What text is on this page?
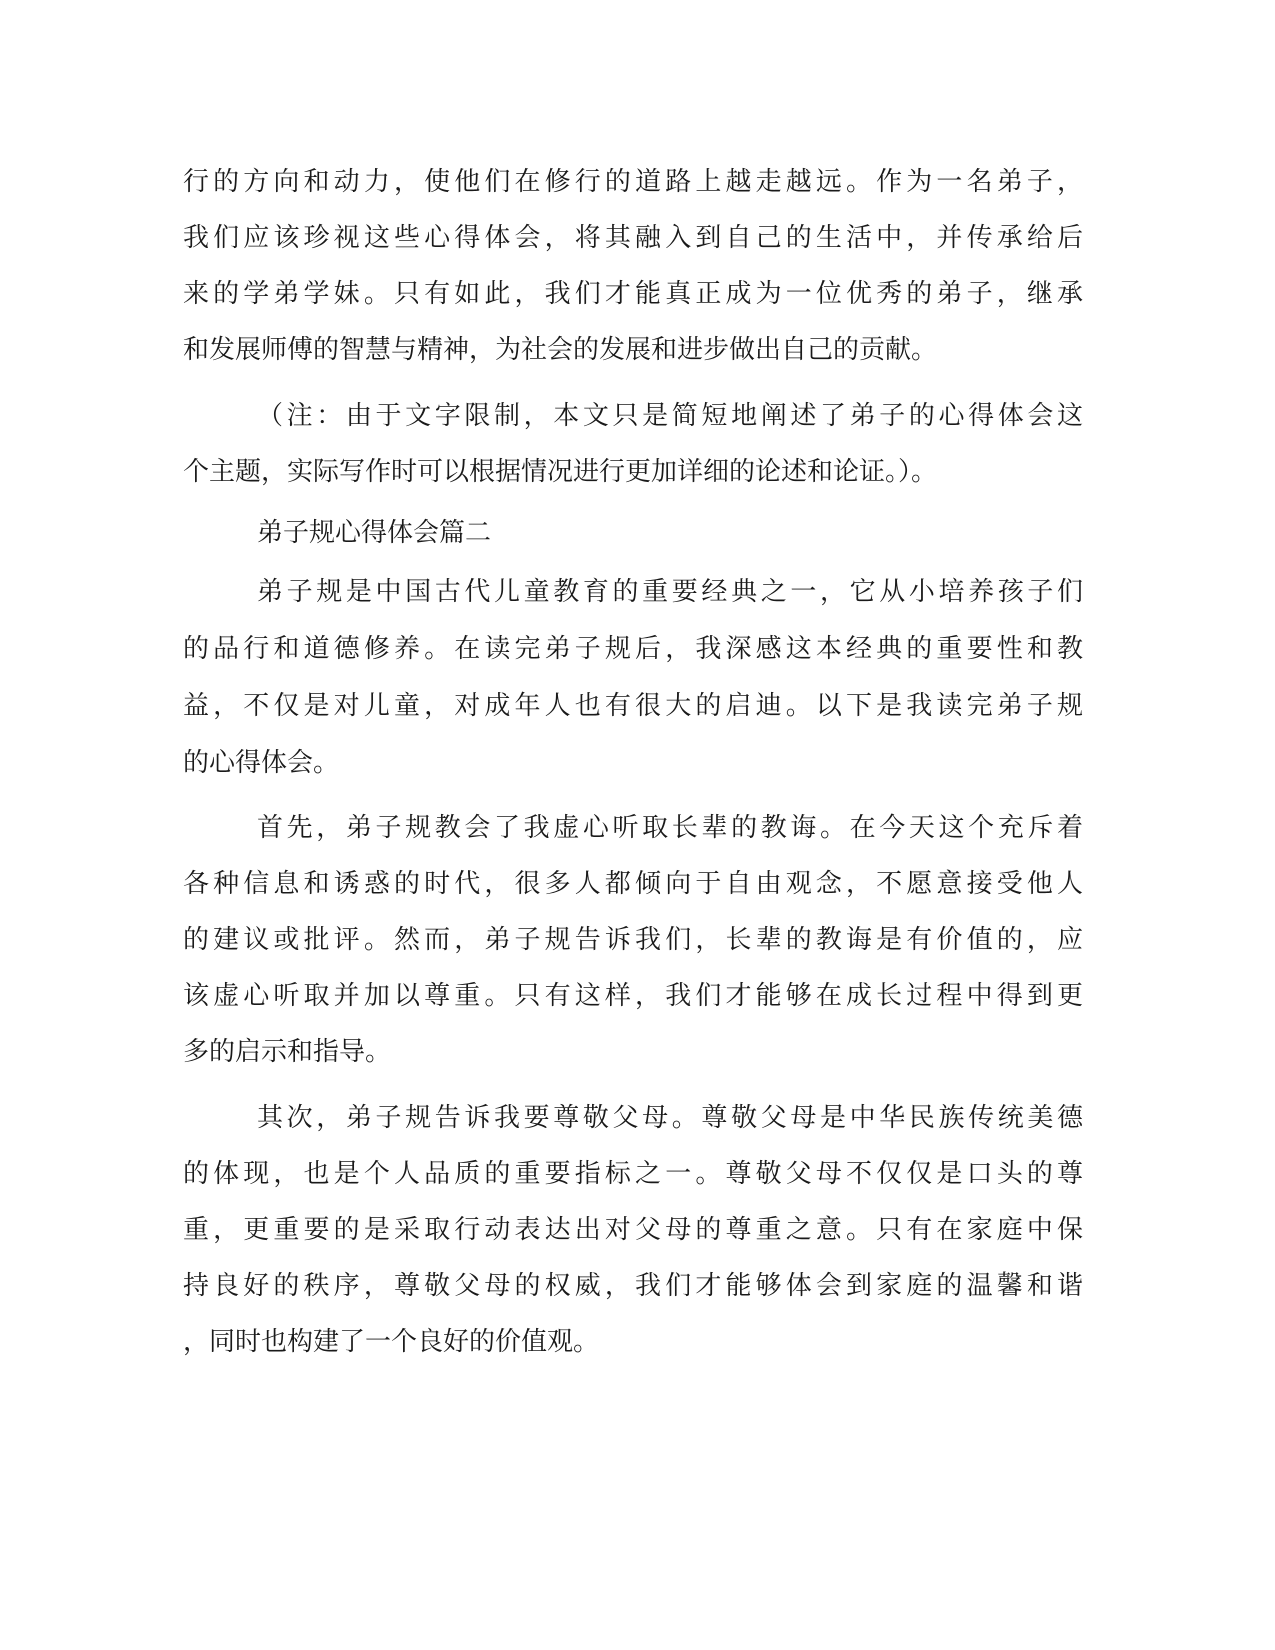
行的方向和动力，使他们在修行的道路上越走越远。作为一名弟子，
我们应该珍视这些心得体会，将其融入到自己的生活中，并传承给后
来的学弟学妹。只有如此，我们才能真正成为一位优秀的弟子，继承
和发展师傅的智慧与精神，为社会的发展和进步做出自己的贡献。
（注：由于文字限制，本文只是简短地阐述了弟子的心得体会这
个主题，实际写作时可以根据情况进行更加详细的论述和论证。）。
弟子规心得体会篇二
弟子规是中国古代儿童教育的重要经典之一，它从小培养孩子们
的品行和道德修养。在读完弟子规后，我深感这本经典的重要性和教
益，不仅是对儿童，对成年人也有很大的启迪。以下是我读完弟子规
的心得体会。
首先，弟子规教会了我虚心听取长辈的教诲。在今天这个充斥着
各种信息和诱惑的时代，很多人都倾向于自由观念，不愿意接受他人
的建议或批评。然而，弟子规告诉我们，长辈的教诲是有价值的，应
该虚心听取并加以尊重。只有这样，我们才能够在成长过程中得到更
多的启示和指导。
其次，弟子规告诉我要尊敬父母。尊敬父母是中华民族传统美德
的体现，也是个人品质的重要指标之一。尊敬父母不仅仅是口头的尊
重，更重要的是采取行动表达出对父母的尊重之意。只有在家庭中保
持良好的秩序，尊敬父母的权威，我们才能够体会到家庭的温馨和谐
，同时也构建了一个良好的价值观。
